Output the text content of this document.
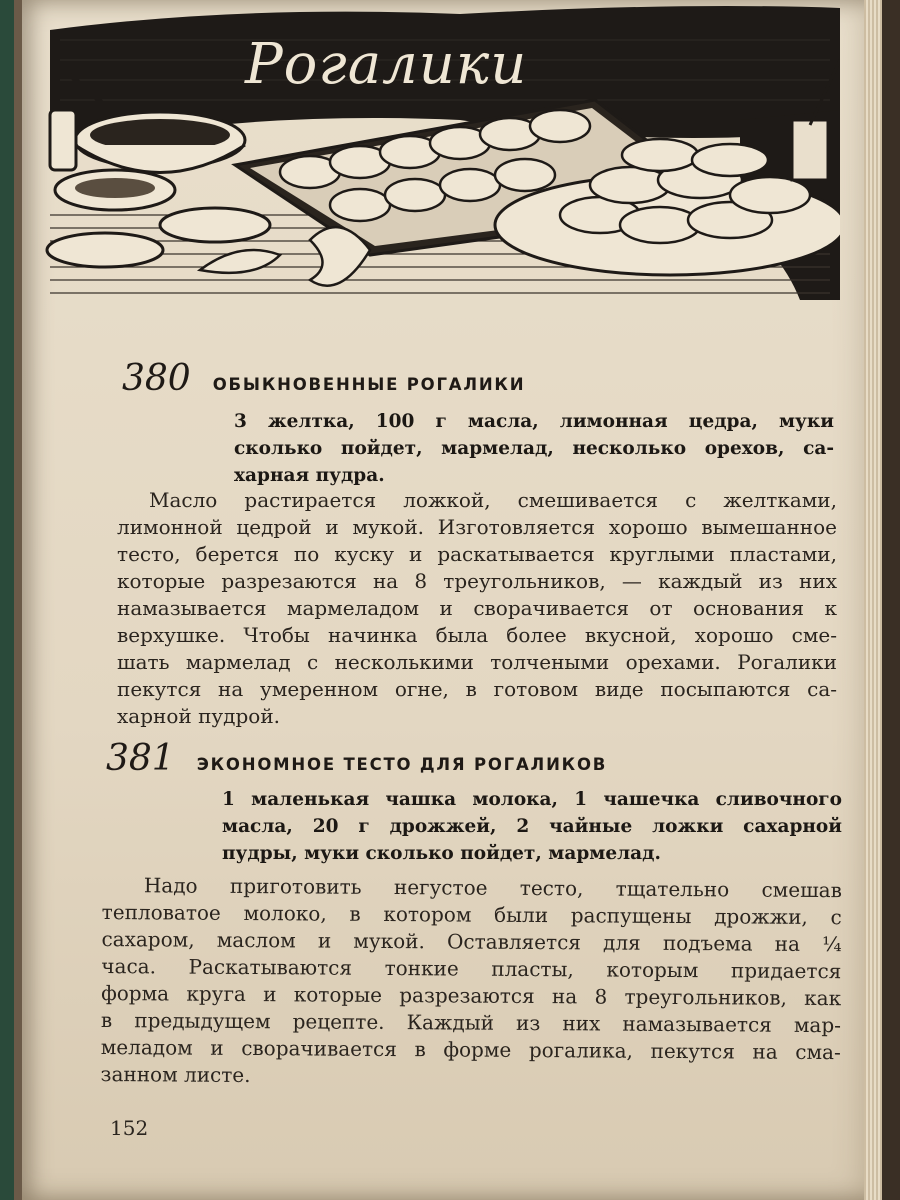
Рогалики
380 ОБЫКНОВЕННЫЕ РОГАЛИКИ
3 желтка, 100 г масла, лимонная цедра, муки
сколько пойдет, мармелад, несколько орехов, са-
харная пудра.
Масло растирается ложкой, смешивается с желтками,
лимонной цедрой и мукой. Изготовляется хорошо вымешанное
тесто, берется по куску и раскатывается круглыми пластами,
которые разрезаются на 8 треугольников, — каждый из них
намазывается мармеладом и сворачивается от основания к
верхушке. Чтобы начинка была более вкусной, хорошо сме-
шать мармелад с несколькими толчеными орехами. Рогалики
пекутся на умеренном огне, в готовом виде посыпаются са-
харной пудрой.
381 ЭКОНОМНОЕ ТЕСТО ДЛЯ РОГАЛИКОВ
1 маленькая чашка молока, 1 чашечка сливочного
масла, 20 г дрожжей, 2 чайные ложки сахарной
пудры, муки сколько пойдет, мармелад.
Надо приготовить негустое тесто, тщательно смешав
тепловатое молоко, в котором были распущены дрожжи, с
сахаром, маслом и мукой. Оставляется для подъема на ¼
часа. Раскатываются тонкие пласты, которым придается
форма круга и которые разрезаются на 8 треугольников, как
в предыдущем рецепте. Каждый из них намазывается мар-
меладом и сворачивается в форме рогалика, пекутся на сма-
занном листе.
152
